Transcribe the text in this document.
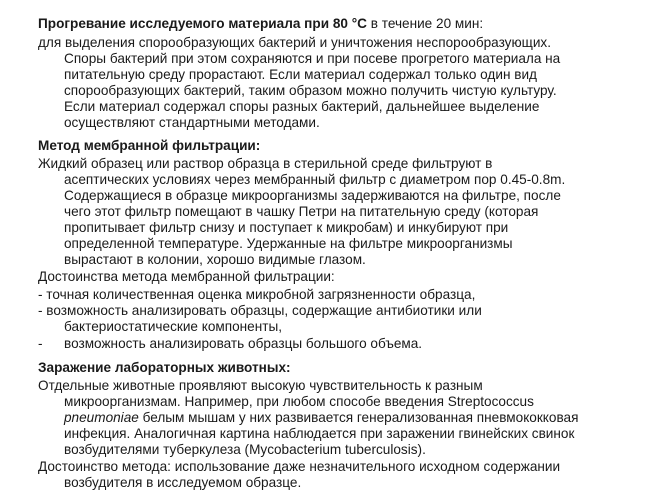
Прогревание исследуемого материала при 80 °С в течение 20 мин:
для выделения спорообразующих бактерий и уничтожения неспорообразующих.
Споры бактерий при этом сохраняются и при посеве прогретого материала на
питательную среду прорастают. Если материал содержал только один вид
спорообразующих бактерий, таким образом можно получить чистую культуру.
Если материал содержал споры разных бактерий, дальнейшее выделение
осуществляют стандартными методами.
Метод мембранной фильтрации:
Жидкий образец или раствор образца в стерильной среде фильтруют в
асептических условиях через мембранный фильтр с диаметром пор 0.45-0.8m.
Содержащиеся в образце микроорганизмы задерживаются на фильтре, после
чего этот фильтр помещают в чашку Петри на питательную среду (которая
пропитывает фильтр снизу и поступает к микробам) и инкубируют при
определенной температуре. Удержанные на фильтре микроорганизмы
вырастают в колонии, хорошо видимые глазом.
Достоинства метода мембранной фильтрации:
- точная количественная оценка микробной загрязненности образца,
- возможность анализировать образцы, содержащие антибиотики или
бактериостатические компоненты,
- возможность анализировать образцы большого объема.
Заражение лабораторных животных:
Отдельные животные проявляют высокую чувствительность к разным
микроорганизмам. Например, при любом способе введения Streptococcus
pneumoniae белым мышам у них развивается генерализованная пневмококковая
инфекция. Аналогичная картина наблюдается при заражении гвинейских свинок
возбудителями туберкулеза (Mycobacterium tuberculosis).
Достоинство метода: использование даже незначительного исходном содержании
возбудителя в исследуемом образце.
